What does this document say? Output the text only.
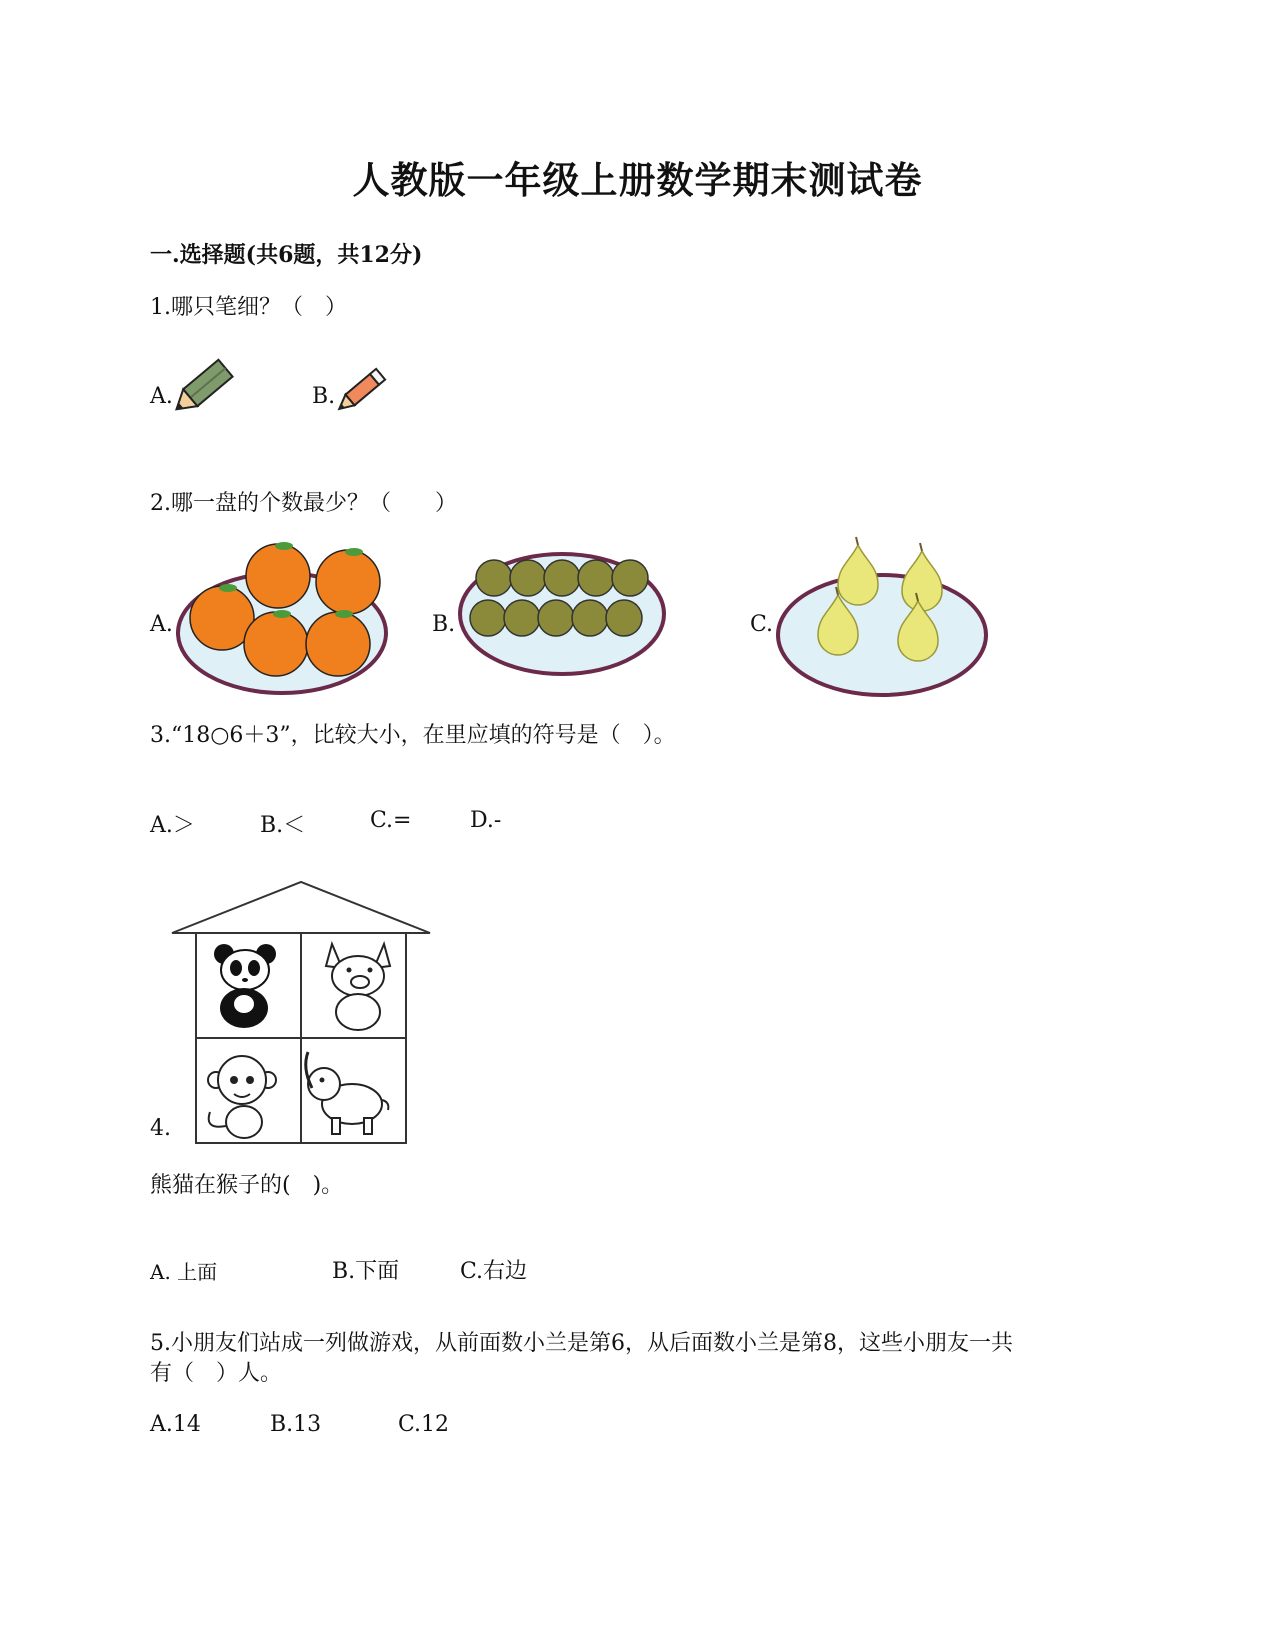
人教版一年级上册数学期末测试卷
一.选择题(共6题，共12分)
1.哪只笔细？（　）
A.	B.
2.哪一盘的个数最少？（　　）
A.	B.	C.
3.“18○6＋3”，比较大小，在里应填的符号是（　）。
A.＞	B.＜	C.=	D.-
4.
熊猫在猴子的(　)。
A. 上面	B.下面	C.右边
5.小朋友们站成一列做游戏，从前面数小兰是第6，从后面数小兰是第8，这些小朋友一共
有（　）人。
A.14	B.13	C.12
